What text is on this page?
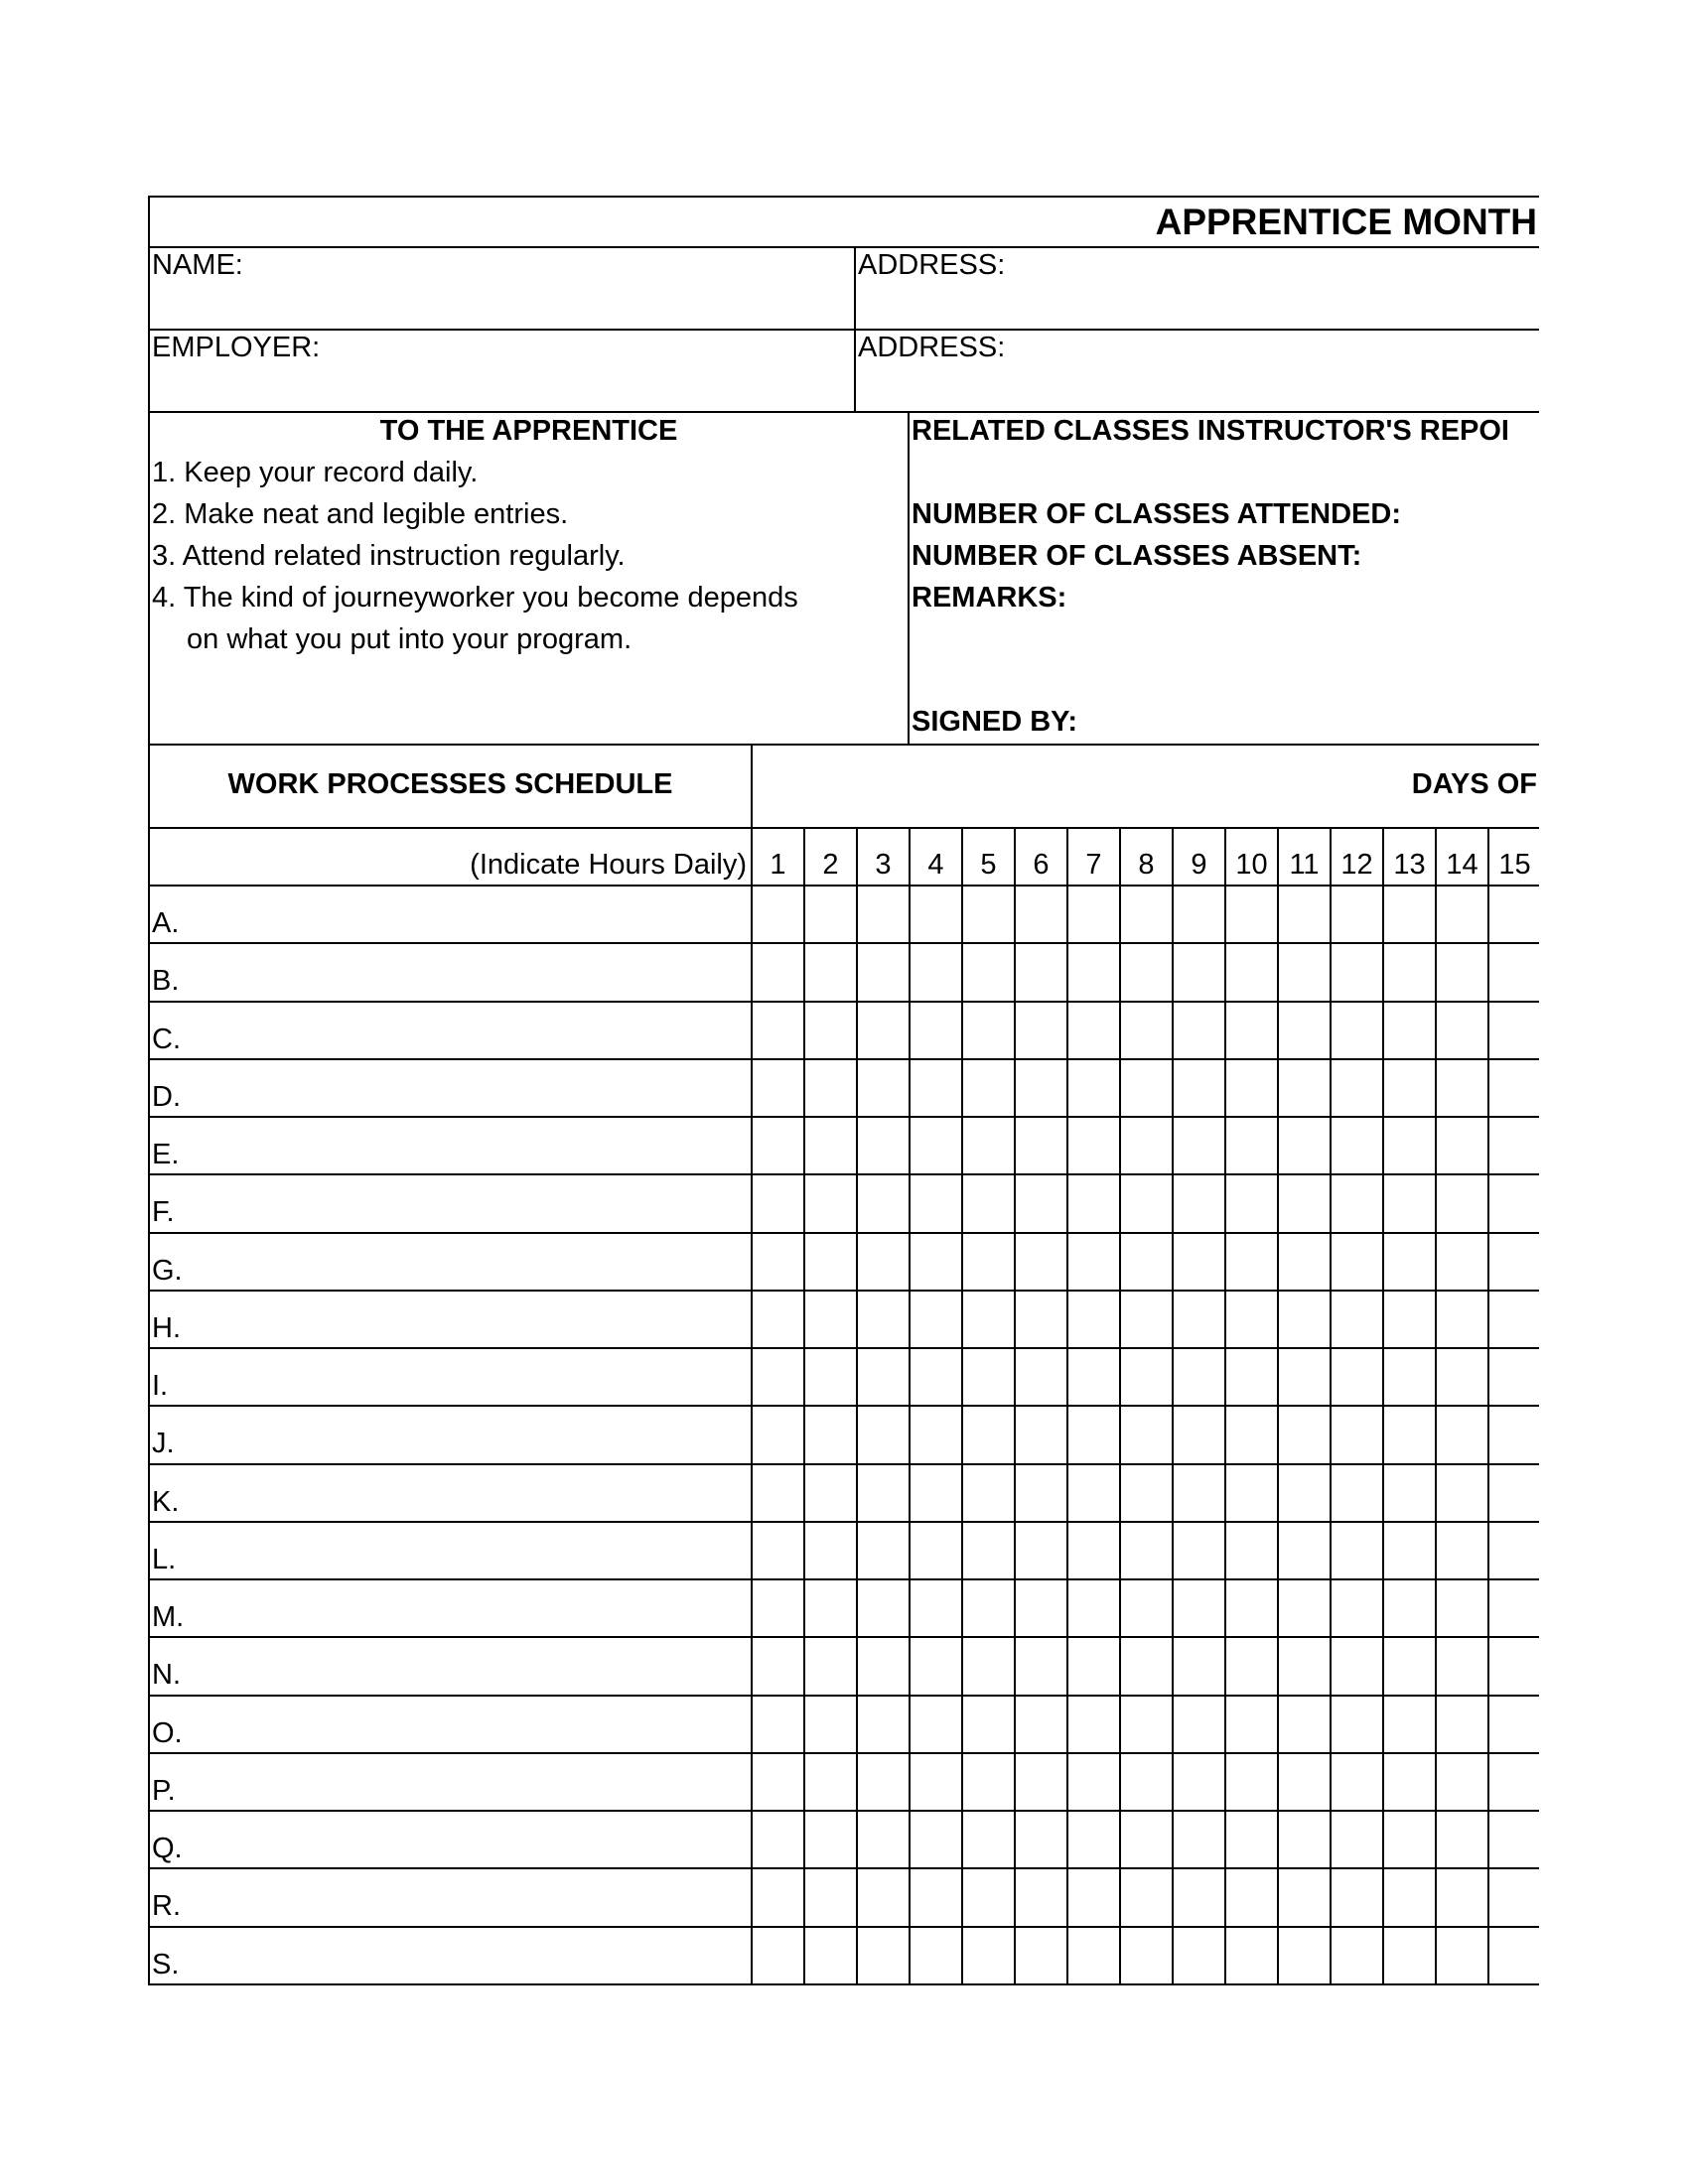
APPRENTICE MONTH
NAME:	ADDRESS:
EMPLOYER:	ADDRESS:
TO THE APPRENTICE
1. Keep your record daily.
2. Make neat and legible entries.
3. Attend related instruction regularly.
4. The kind of journeyworker you become depends
on what you put into your program.
RELATED CLASSES INSTRUCTOR'S REPOI
NUMBER OF CLASSES ATTENDED:
NUMBER OF CLASSES ABSENT:
REMARKS:
SIGNED BY:
WORK PROCESSES SCHEDULE	DAYS OF
(Indicate Hours Daily) 1	2	3	4	5	6	7	8	9 10 11 12 13 14 15
A.
B.
C.
D.
E.
F.
G.
H.
I.
J.
K.
L.
M.
N.
O.
P.
Q.
R.
S.
